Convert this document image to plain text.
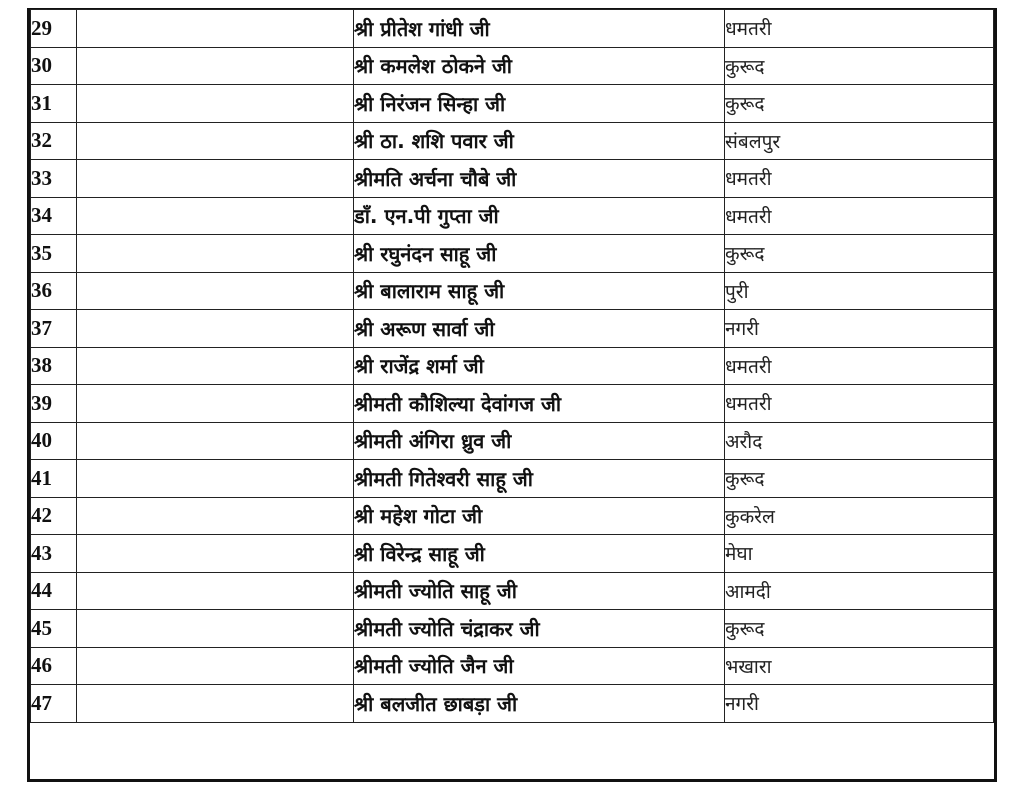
29		श्री प्रीतेश गांधी जी	धमतरी
30		श्री कमलेश ठोकने जी	कुरूद
31		श्री निरंजन सिन्हा जी	कुरूद
32		श्री ठा. शशि पवार जी	संबलपुर
33		श्रीमति अर्चना चौबे जी	धमतरी
34		डॉं. एन.पी गुप्ता जी	धमतरी
35		श्री रघुनंदन साहू जी	कुरूद
36		श्री बालाराम साहू जी	पुरी
37		श्री अरूण सार्वा जी	नगरी
38		श्री राजेंद्र शर्मा जी	धमतरी
39		श्रीमती कौशिल्या देवांगज जी	धमतरी
40		श्रीमती अंगिरा ध्रुव जी	अरौद
41		श्रीमती गितेश्वरी साहू जी	कुरूद
42		श्री महेश गोटा जी	कुकरेल
43		श्री विरेन्द्र साहू जी	मेघा
44		श्रीमती ज्योति साहू जी	आमदी
45		श्रीमती ज्योति चंद्राकर जी	कुरूद
46		श्रीमती ज्योति जैन जी	भखारा
47		श्री बलजीत छाबड़ा जी	नगरी
